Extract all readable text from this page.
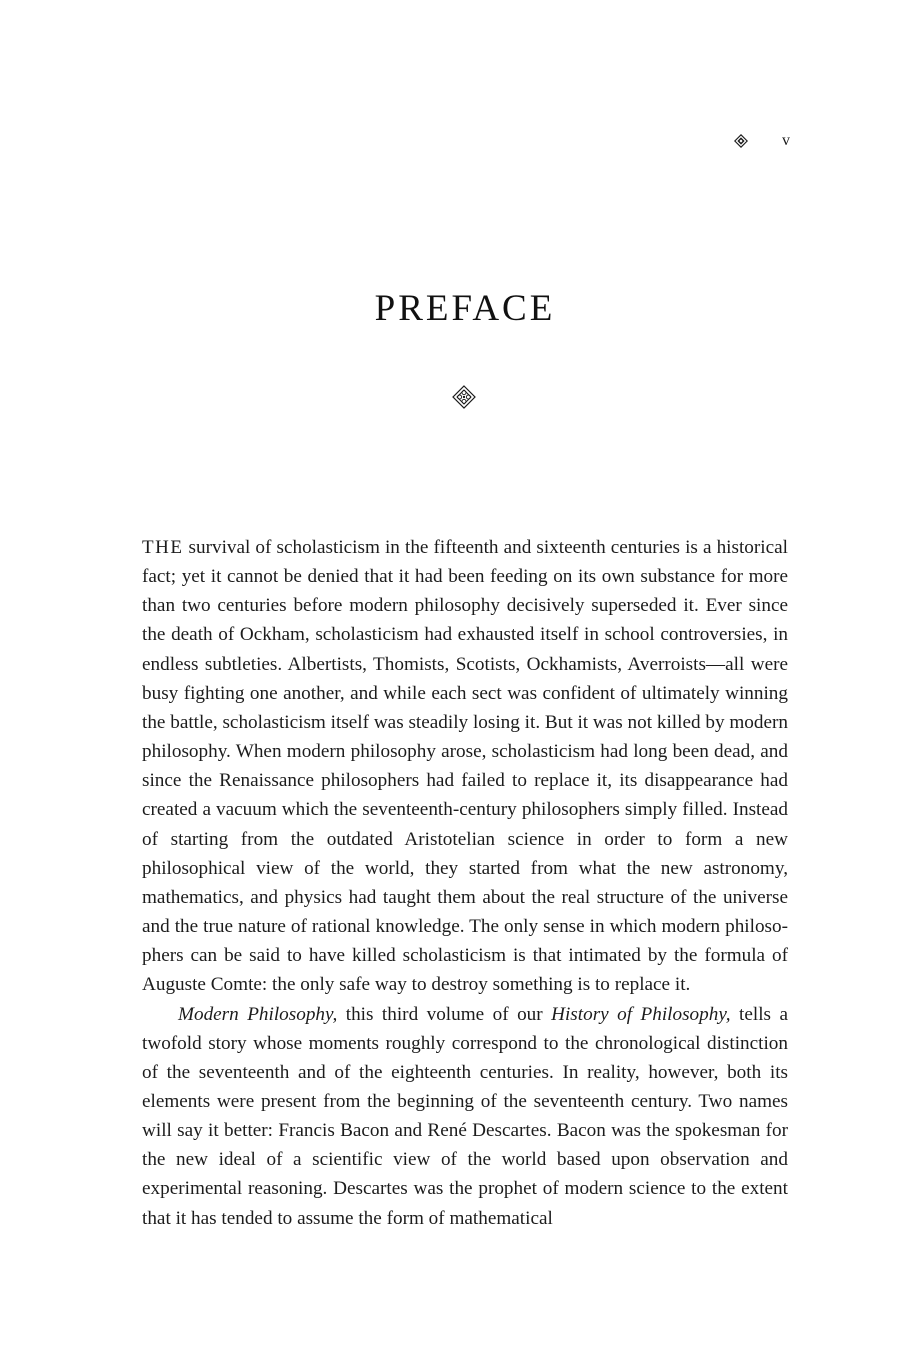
v
PREFACE

THE survival of scholasticism in the fifteenth and sixteenth centuries is a historical fact; yet it cannot be denied that it had been feeding on its own substance for more than two centuries before modern philosophy decisively superseded it. Ever since the death of Ockham, scholasticism had exhausted itself in school controversies, in endless subtleties. Albertists, Thomists, Scotists, Ockhamists, Averroists—all were busy fighting one another, and while each sect was confident of ultimately winning the battle, scholasticism itself was steadily losing it. But it was not killed by modern philosophy. When modern philosophy arose, scholasticism had long been dead, and since the Renaissance philosophers had failed to replace it, its disappearance had created a vacuum which the seventeenth-century philosophers simply filled. Instead of starting from the outdated Aristotelian science in order to form a new philosophical view of the world, they started from what the new astronomy, mathematics, and physics had taught them about the real structure of the universe and the true nature of rational knowledge. The only sense in which modern philosophers can be said to have killed scholasticism is that intimated by the formula of Auguste Comte: the only safe way to destroy something is to replace it.

Modern Philosophy, this third volume of our History of Philosophy, tells a twofold story whose moments roughly correspond to the chronological distinction of the seventeenth and of the eighteenth centuries. In reality, however, both its elements were present from the beginning of the seventeenth century. Two names will say it better: Francis Bacon and René Descartes. Bacon was the spokesman for the new ideal of a scientific view of the world based upon observation and experimental reasoning. Descartes was the prophet of modern science to the extent that it has tended to assume the form of mathematical
